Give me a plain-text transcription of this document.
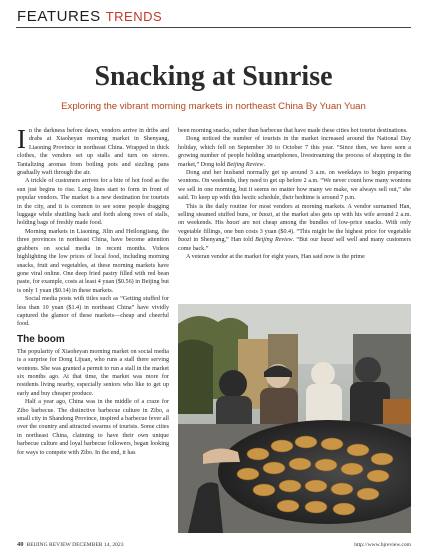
FEATURES TRENDS
Snacking at Sunrise
Exploring the vibrant morning markets in northeast China By Yuan Yuan

In the darkness before dawn, vendors arrive in dribs and drabs at Xiaoheyan morning market in Shenyang, Liaoning Province in northeast China. Wrapped in thick clothes, the vendors set up stalls and turn on stoves. Tantalizing aromas from boiling pots and sizzling pans gradually waft through the air.

A trickle of customers arrives for a bite of hot food as the sun just begins to rise. Long lines start to form in front of popular vendors. The market is a new destination for tourists in the city, and it is common to see some people dragging luggage while shuttling back and forth along rows of stalls, holding bags of freshly made food.

Morning markets in Liaoning, Jilin and Heilongjiang, the three provinces in northeast China, have become attention grabbers on social media in recent months. Videos highlighting the low prices of local food, including morning snacks, fruit and vegetables, at these morning markets have gone viral online. One deep fried pastry filled with red bean paste, for example, costs at least 4 yuan ($0.56) in Beijing but is only 1 yuan ($0.14) in these markets.

Social media posts with titles such as “Getting stuffed for less than 10 yuan ($1.4) in northeast China” have vividly captured the glamor of these markets—cheap and cheerful food.

The boom

The popularity of Xiaoheyan morning market on social media is a surprise for Dong Lijuan, who runs a stall there serving wontons. She was granted a permit to run a stall in the market six months ago. At that time, the market was more for residents living nearby, especially seniors who like to get up early and buy cheaper produce.

Half a year ago, China was in the middle of a craze for Zibo barbecue. The distinctive barbecue culture in Zibo, a small city in Shandong Province, inspired a barbecue fever all over the country and attracted swarms of tourists. Some cities in northeast China, claiming to have their own unique barbecue culture and loyal barbecue followers, began looking for ways to compete with Zibo. In the end, it has

been morning snacks, rather than barbecue that have made these cities hot tourist destinations.

Dong noticed the number of tourists in the market increased around the National Day holiday, which fell on September 30 to October 7 this year. “Since then, we have seen a growing number of people holding smartphones, livestreaming the process of shopping in the market,” Dong told Beijing Review.

Dong and her husband normally get up around 3 a.m. on weekdays to begin preparing wontons. On weekends, they need to get up before 2 a.m. “We never count how many wontons we sell in one morning, but it seems no matter how many we make, we always sell out,” she said. To keep up with this hectic schedule, their bedtime is around 7 p.m.

This is the daily routine for most vendors at morning markets. A vendor surnamed Han, selling steamed stuffed buns, or baozi, at the market also gets up with his wife around 2 a.m. on weekends. His baozi are not cheap among the bundles of low-price snacks. With only vegetable fillings, one bun costs 3 yuan ($0.4). “This might be the highest price for vegetable baozi in Shenyang,” Han told Beijing Review. “But our baozi sell well and many customers come back.”

A veteran vendor at the market for eight years, Han said now is the prime

40 BEIJING REVIEW DECEMBER 14, 2023	http://www.bjreview.com
